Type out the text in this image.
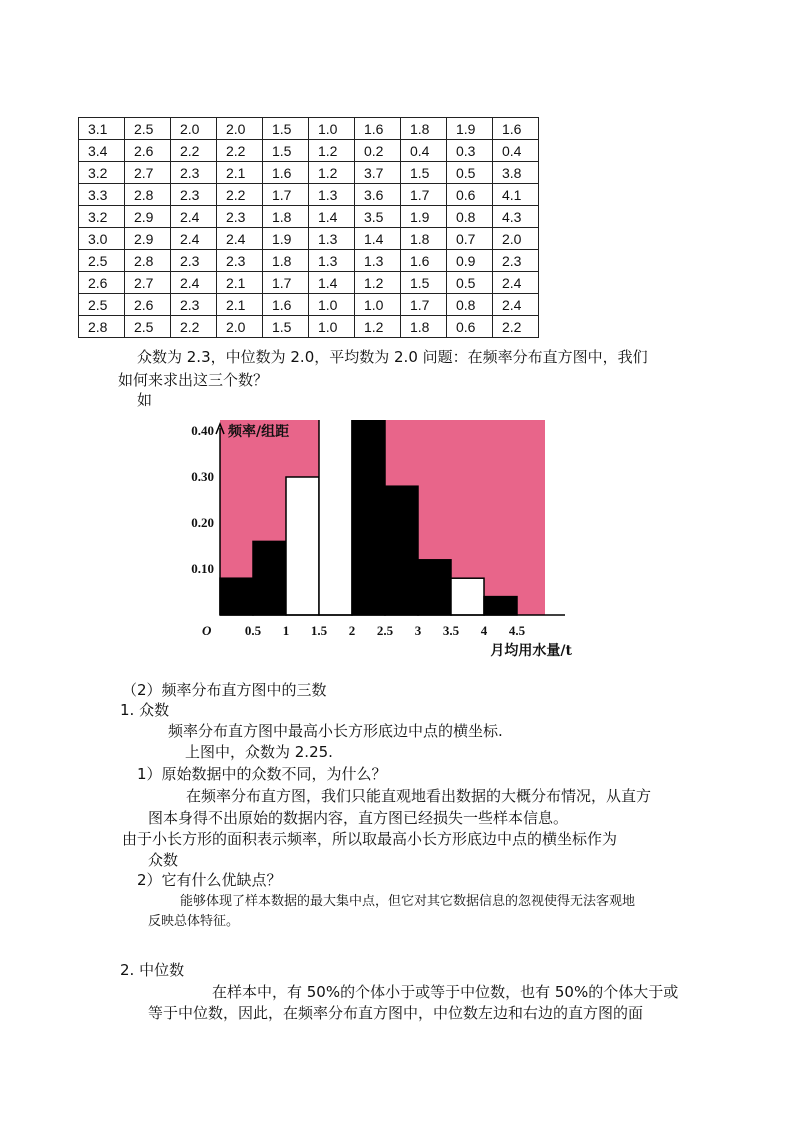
3.1	2.5	2.0	2.0	1.5	1.0	1.6	1.8	1.9	1.6
3.4	2.6	2.2	2.2	1.5	1.2	0.2	0.4	0.3	0.4
3.2	2.7	2.3	2.1	1.6	1.2	3.7	1.5	0.5	3.8
3.3	2.8	2.3	2.2	1.7	1.3	3.6	1.7	0.6	4.1
3.2	2.9	2.4	2.3	1.8	1.4	3.5	1.9	0.8	4.3
3.0	2.9	2.4	2.4	1.9	1.3	1.4	1.8	0.7	2.0
2.5	2.8	2.3	2.3	1.8	1.3	1.3	1.6	0.9	2.3
2.6	2.7	2.4	2.1	1.7	1.4	1.2	1.5	0.5	2.4
2.5	2.6	2.3	2.1	1.6	1.0	1.0	1.7	0.8	2.4
2.8	2.5	2.2	2.0	1.5	1.0	1.2	1.8	0.6	2.2
众数为 2.3，中位数为 2.0，平均数为 2.0 问题：在频率分布直方图中，我们
如何来求出这三个数？
如
0.5 1 1.5 2 2.5 3 3.5 4 4.5
0.10
0.20
0.30
0.40
O
频率/组距
月均用水量/t
（2）频率分布直方图中的三数
1. 众数
频率分布直方图中最高小长方形底边中点的横坐标.
上图中，众数为 2.25.
1）原始数据中的众数不同，为什么？
在频率分布直方图，我们只能直观地看出数据的大概分布情况，从直方
图本身得不出原始的数据内容，直方图已经损失一些样本信息。
由于小长方形的面积表示频率，所以取最高小长方形底边中点的横坐标作为
众数
2）它有什么优缺点？
能够体现了样本数据的最大集中点，但它对其它数据信息的忽视使得无法客观地
反映总体特征。
2. 中位数
在样本中，有 50%的个体小于或等于中位数，也有 50%的个体大于或
等于中位数，因此，在频率分布直方图中，中位数左边和右边的直方图的面
